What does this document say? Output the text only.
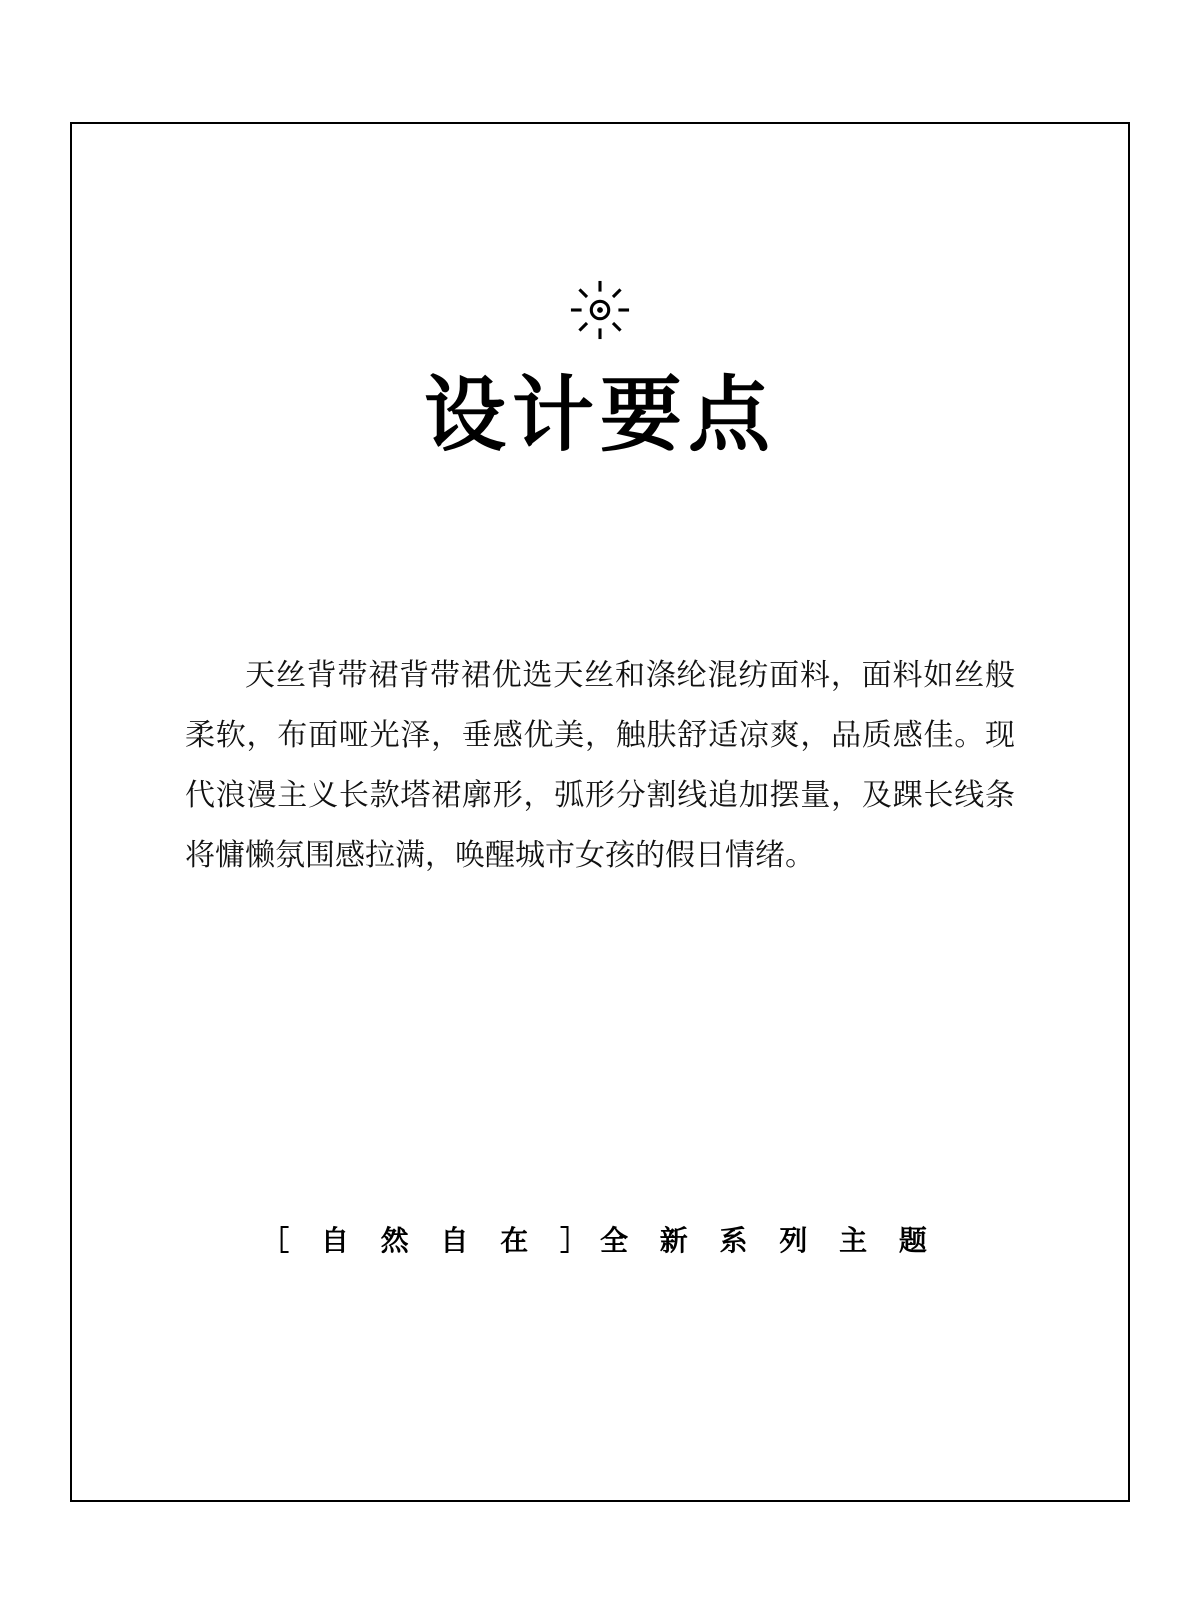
设计要点
天丝背带裙背带裙优选天丝和涤纶混纺面料，面料如丝般柔软，布面哑光泽，垂感优美，触肤舒适凉爽，品质感佳。现代浪漫主义长款塔裙廓形，弧形分割线追加摆量，及踝长线条将慵懒氛围感拉满，唤醒城市女孩的假日情绪。
［ 自 然 自 在 ］全 新 系 列 主 题
